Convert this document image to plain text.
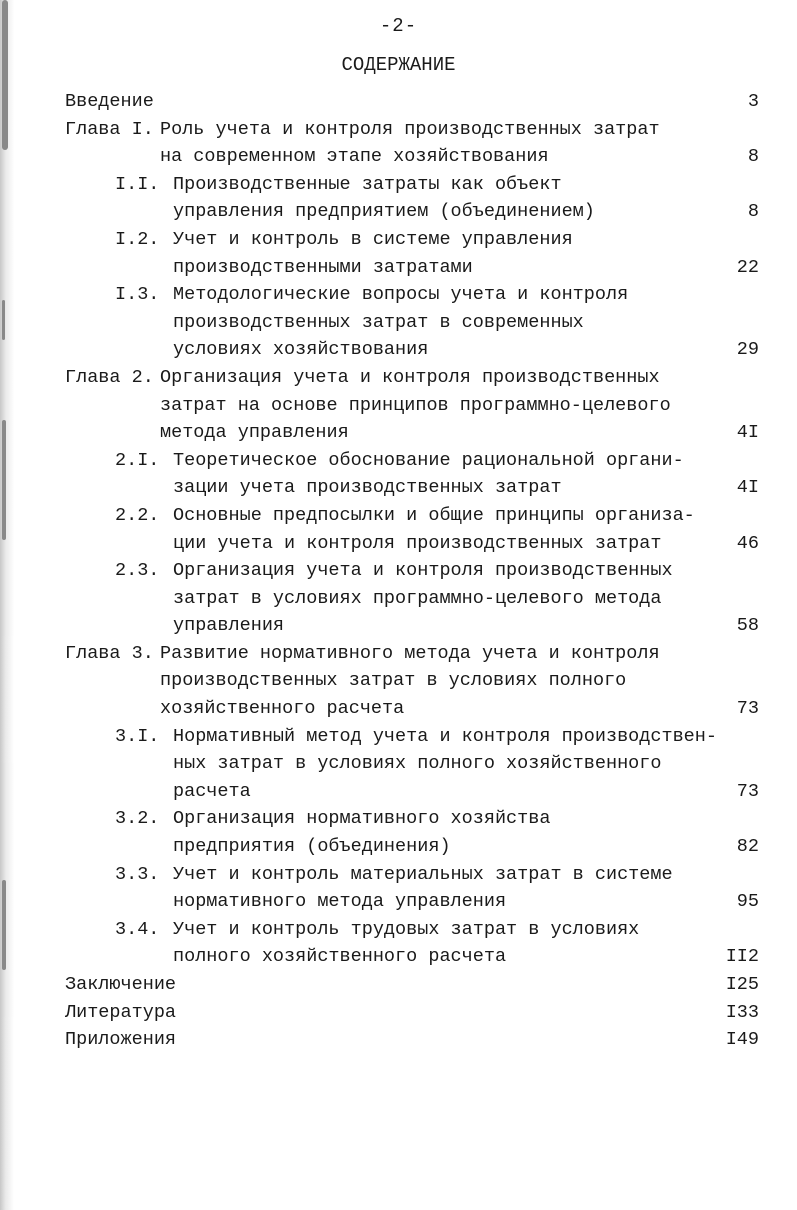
-2-
СОДЕРЖАНИЕ
Введение	3
Глава I. Роль учета и контроля производственных затрат
на современном этапе хозяйствования	8
I.I. Производственные затраты как объект
управления предприятием (объединением)	8
I.2. Учет и контроль в системе управления
производственными затратами	22
I.3. Методологические вопросы учета и контроля
производственных затрат в современных
условиях хозяйствования	29
Глава 2. Организация учета и контроля производственных
затрат на основе принципов программно-целевого
метода управления	4I
2.I. Теоретическое обоснование рациональной органи-
зации учета производственных затрат	4I
2.2. Основные предпосылки и общие принципы организа-
ции учета и контроля производственных затрат	46
2.3. Организация учета и контроля производственных
затрат в условиях программно-целевого метода
управления	58
Глава 3. Развитие нормативного метода учета и контроля
производственных затрат в условиях полного
хозяйственного расчета	73
3.I. Нормативный метод учета и контроля производствен-
ных затрат в условиях полного хозяйственного
расчета	73
3.2. Организация нормативного хозяйства
предприятия (объединения)	82
3.3. Учет и контроль материальных затрат в системе
нормативного метода управления	95
3.4. Учет и контроль трудовых затрат в условиях
полного хозяйственного расчета	II2
Заключение	I25
Литература	I33
Приложения	I49
